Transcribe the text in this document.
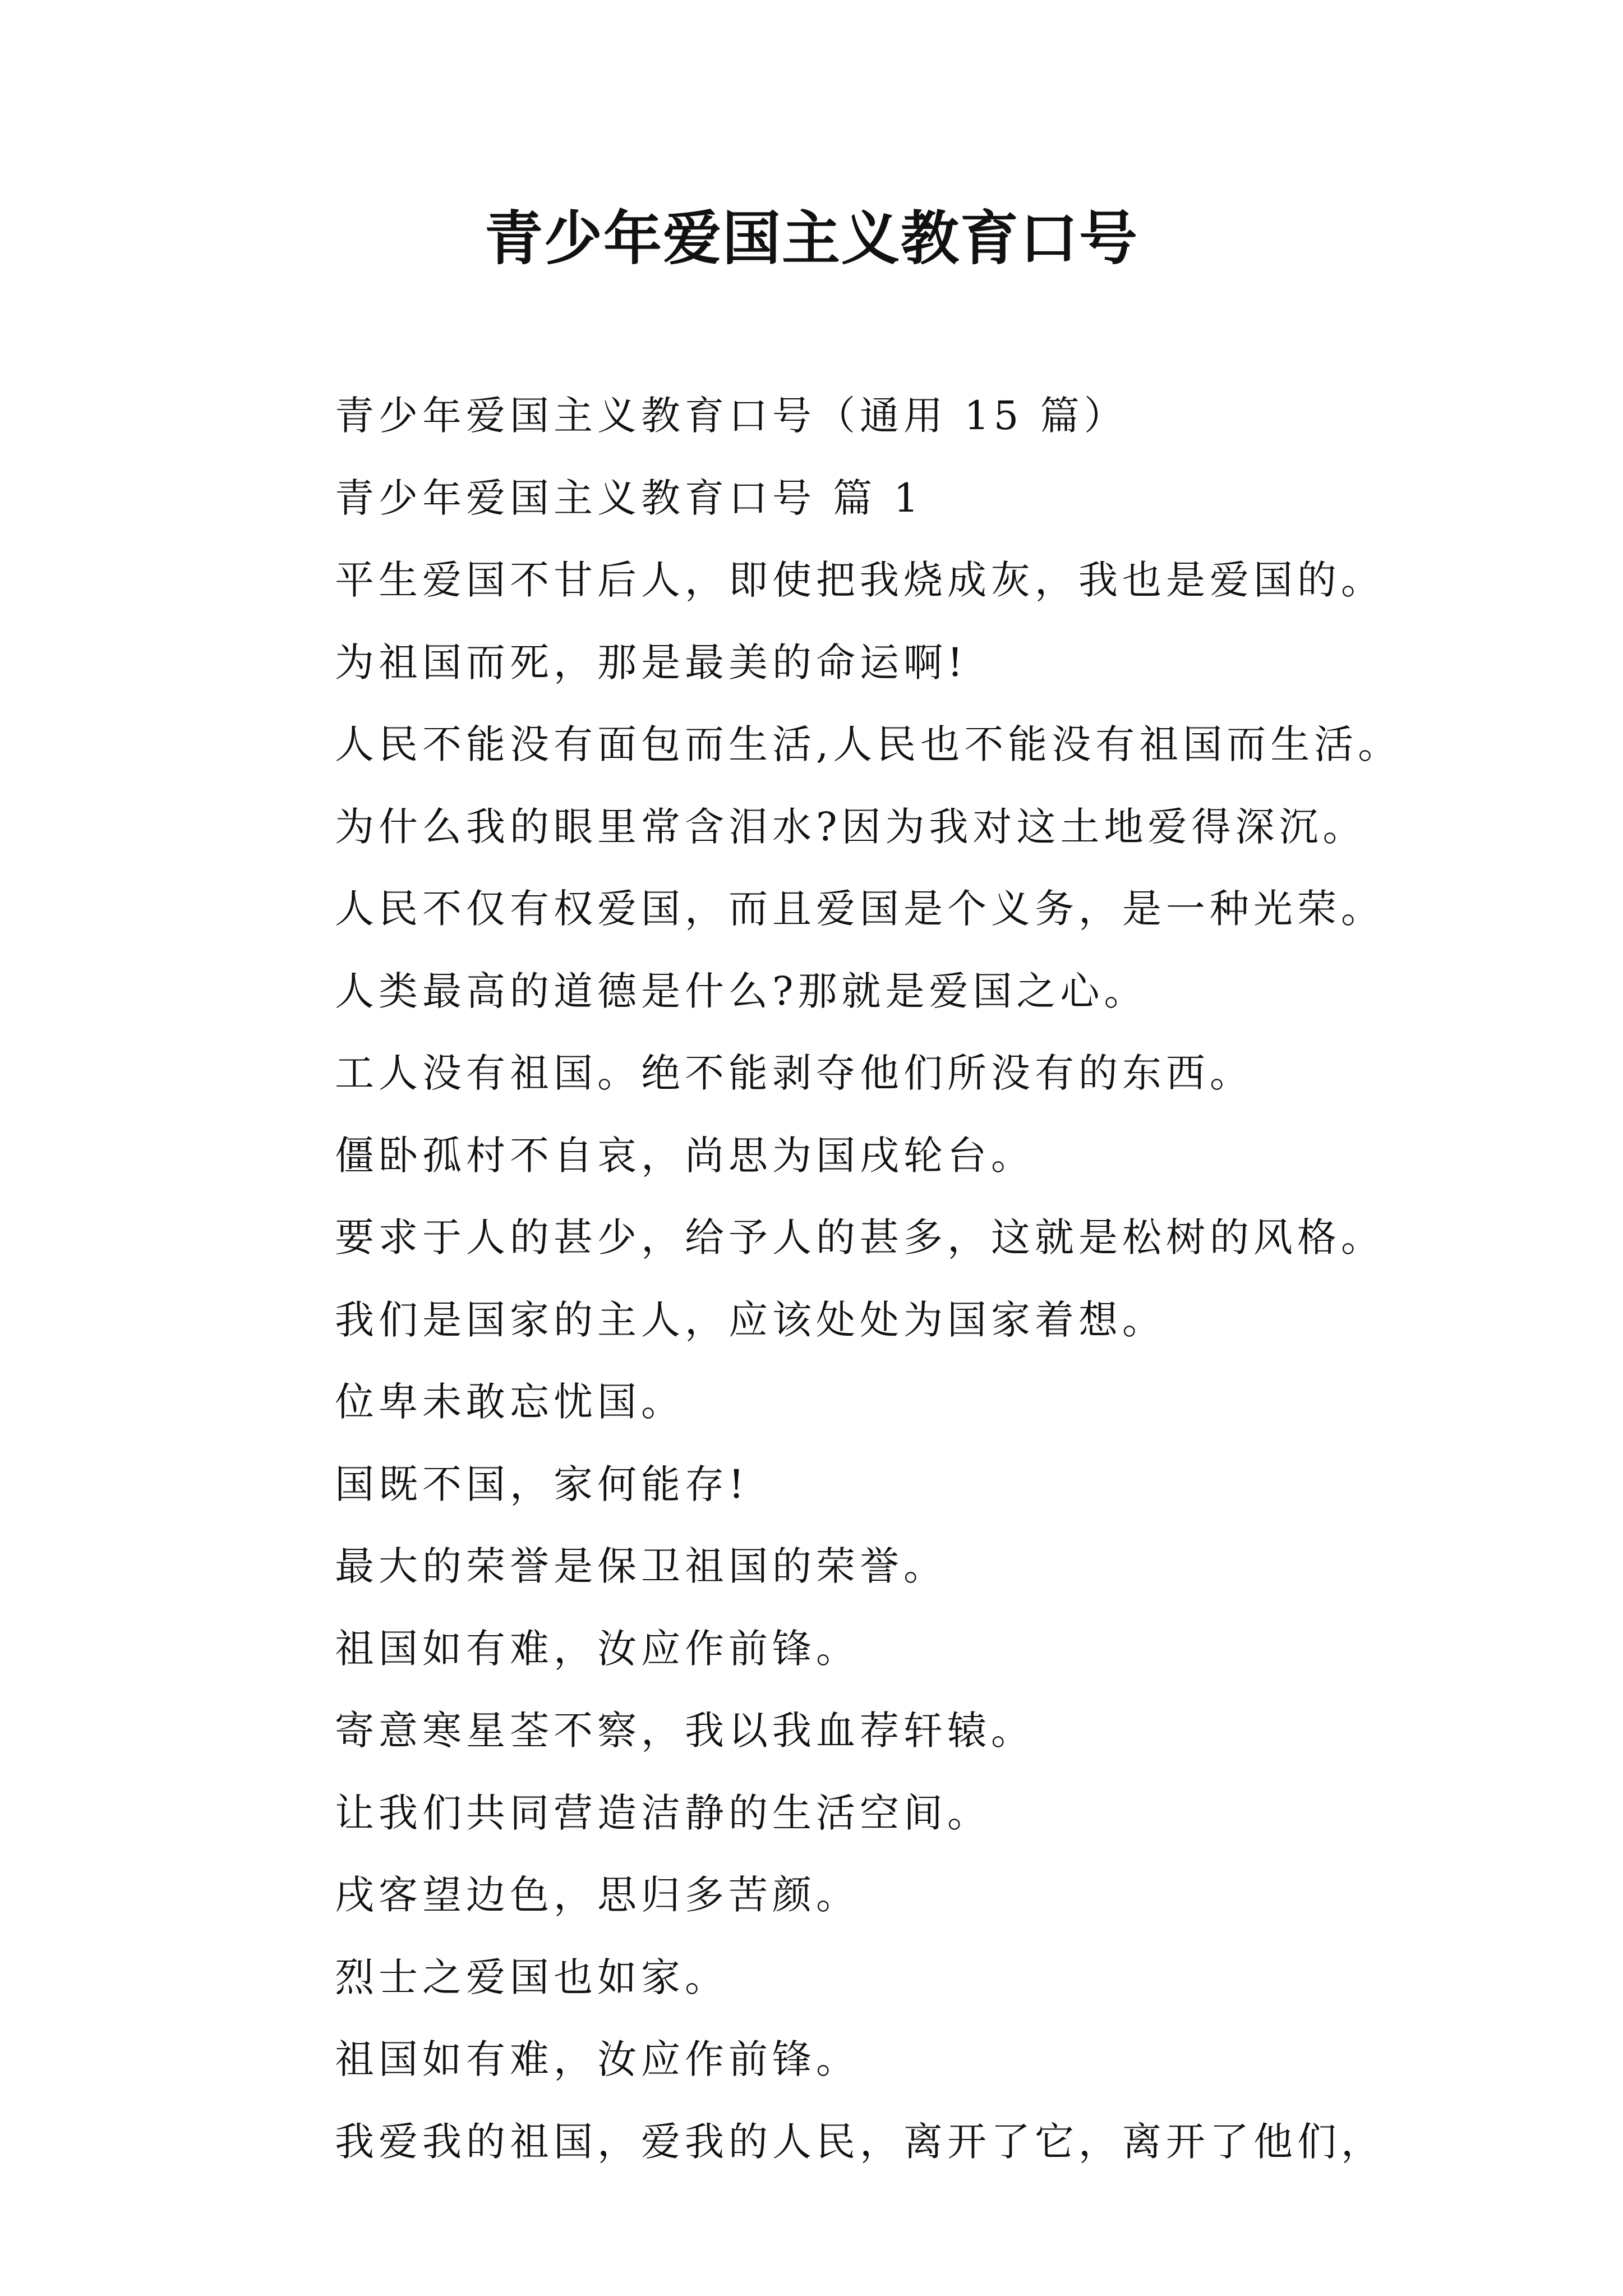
青少年爱国主义教育口号
青少年爱国主义教育口号（通用 15 篇）
青少年爱国主义教育口号 篇 1
平生爱国不甘后人，即使把我烧成灰，我也是爱国的。
为祖国而死，那是最美的命运啊!
人民不能没有面包而生活,人民也不能没有祖国而生活。
为什么我的眼里常含泪水?因为我对这土地爱得深沉。
人民不仅有权爱国，而且爱国是个义务，是一种光荣。
人类最高的道德是什么?那就是爱国之心。
工人没有祖国。绝不能剥夺他们所没有的东西。
僵卧孤村不自哀，尚思为国戌轮台。
要求于人的甚少，给予人的甚多，这就是松树的风格。
我们是国家的主人，应该处处为国家着想。
位卑未敢忘忧国。
国既不国，家何能存!
最大的荣誉是保卫祖国的荣誉。
祖国如有难，汝应作前锋。
寄意寒星荃不察，我以我血荐轩辕。
让我们共同营造洁静的生活空间。
戌客望边色，思归多苦颜。
烈士之爱国也如家。
祖国如有难，汝应作前锋。
我爱我的祖国，爱我的人民，离开了它，离开了他们，
